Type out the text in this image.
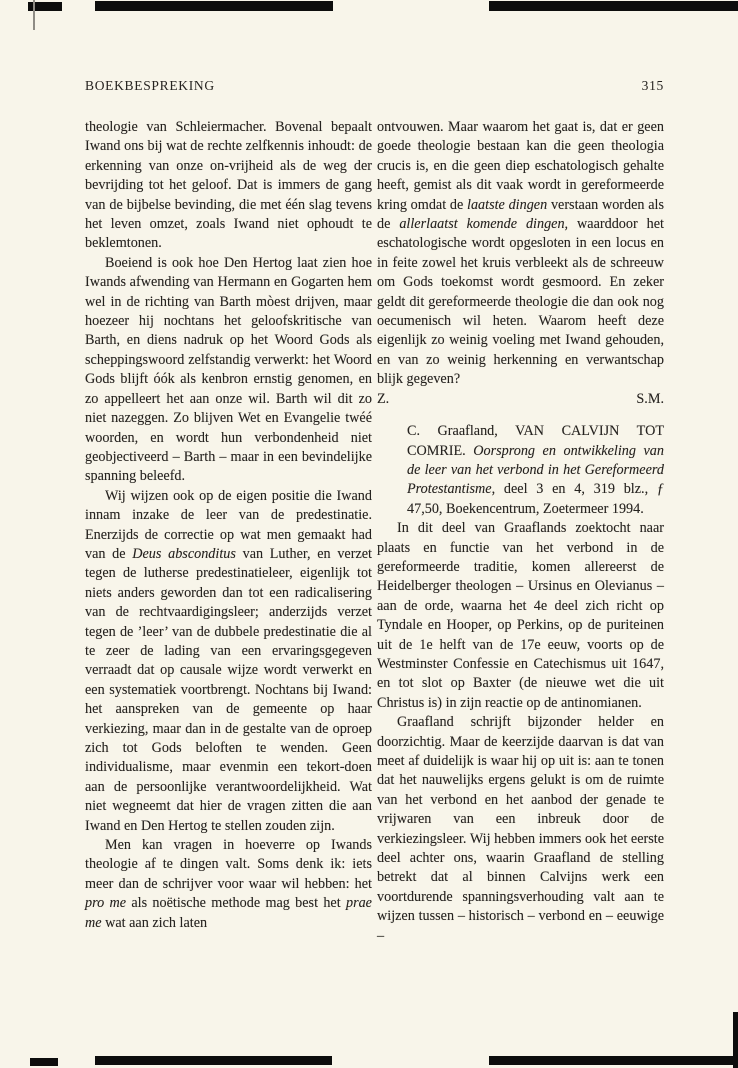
BOEKBESPREKING	315

theologie van Schleiermacher. Bovenal bepaalt Iwand ons bij wat de rechte zelfkennis inhoudt: de erkenning van onze on-vrijheid als de weg der bevrijding tot het geloof. Dat is immers de gang van de bijbelse bevinding, die met één slag tevens het leven omzet, zoals Iwand niet ophoudt te beklemtonen.

Boeiend is ook hoe Den Hertog laat zien hoe Iwands afwending van Hermann en Gogarten hem wel in de richting van Barth mòest drijven, maar hoezeer hij nochtans het geloofskritische van Barth, en diens nadruk op het Woord Gods als scheppingswoord zelfstandig verwerkt: het Woord Gods blijft óók als kenbron ernstig genomen, en zo appelleert het aan onze wil. Barth wil dit zo niet nazeggen. Zo blijven Wet en Evangelie twéé woorden, en wordt hun verbondenheid niet geobjectiveerd – Barth – maar in een bevindelijke spanning beleefd.

Wij wijzen ook op de eigen positie die Iwand innam inzake de leer van de predestinatie. Enerzijds de correctie op wat men gemaakt had van de Deus absconditus van Luther, en verzet tegen de lutherse predestinatieleer, eigenlijk tot niets anders geworden dan tot een radicalisering van de rechtvaardigingsleer; anderzijds verzet tegen de ’leer’ van de dubbele predestinatie die al te zeer de lading van een ervaringsgegeven verraadt dat op causale wijze wordt verwerkt en een systematiek voortbrengt. Nochtans bij Iwand: het aanspreken van de gemeente op haar verkiezing, maar dan in de gestalte van de oproep zich tot Gods beloften te wenden. Geen individualisme, maar evenmin een tekort-doen aan de persoonlijke verantwoordelijkheid. Wat niet wegneemt dat hier de vragen zitten die aan Iwand en Den Hertog te stellen zouden zijn.

Men kan vragen in hoeverre op Iwands theologie af te dingen valt. Soms denk ik: iets meer dan de schrijver voor waar wil hebben: het pro me als noëtische methode mag best het prae me wat aan zich laten

ontvouwen. Maar waarom het gaat is, dat er geen goede theologie bestaan kan die geen theologia crucis is, en die geen diep eschatologisch gehalte heeft, gemist als dit vaak wordt in gereformeerde kring omdat de laatste dingen verstaan worden als de allerlaatst komende dingen, waarddoor het eschatologische wordt opgesloten in een locus en in feite zowel het kruis verbleekt als de schreeuw om Gods toekomst wordt gesmoord. En zeker geldt dit gereformeerde theologie die dan ook nog oecumenisch wil heten. Waarom heeft deze eigenlijk zo weinig voeling met Iwand gehouden, en van zo weinig herkenning en verwantschap blijk gegeven?

Z.	S.M.

C. Graafland, VAN CALVIJN TOT COMRIE. Oorsprong en ontwikkeling van de leer van het verbond in het Gereformeerd Protestantisme, deel 3 en 4, 319 blz., ƒ 47,50, Boekencentrum, Zoetermeer 1994.

In dit deel van Graaflands zoektocht naar plaats en functie van het verbond in de gereformeerde traditie, komen allereerst de Heidelberger theologen – Ursinus en Olevianus – aan de orde, waarna het 4e deel zich richt op Tyndale en Hooper, op Perkins, op de puriteinen uit de 1e helft van de 17e eeuw, voorts op de Westminster Confessie en Catechismus uit 1647, en tot slot op Baxter (de nieuwe wet die uit Christus is) in zijn reactie op de antinomianen.

Graafland schrijft bijzonder helder en doorzichtig. Maar de keerzijde daarvan is dat van meet af duidelijk is waar hij op uit is: aan te tonen dat het nauwelijks ergens gelukt is om de ruimte van het verbond en het aanbod der genade te vrijwaren van een inbreuk door de verkiezingsleer. Wij hebben immers ook het eerste deel achter ons, waarin Graafland de stelling betrekt dat al binnen Calvijns werk een voortdurende spanningsverhouding valt aan te wijzen tussen – historisch – verbond en – eeuwige –
